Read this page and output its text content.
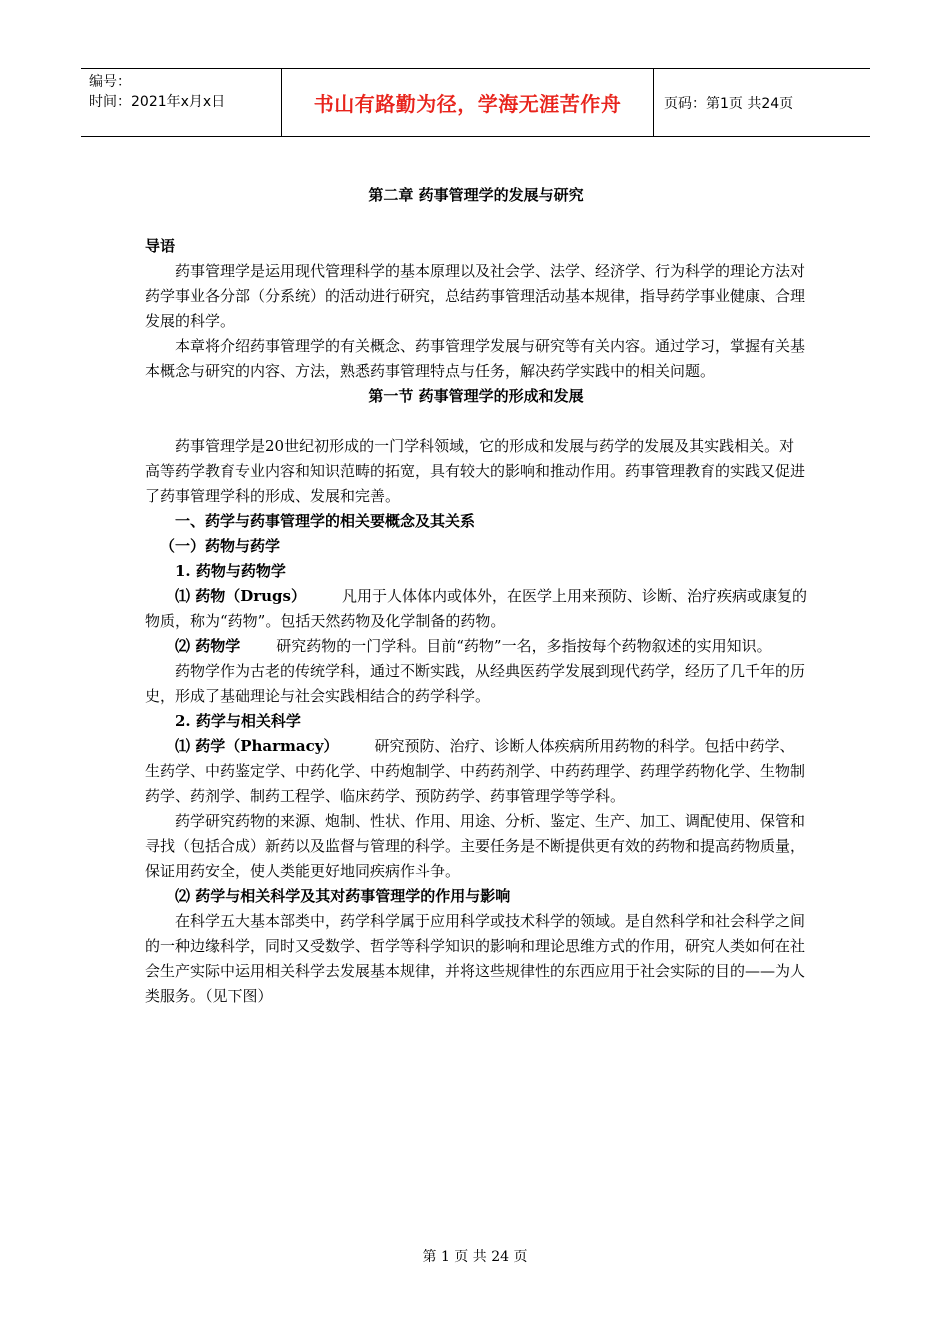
编号：
时间：2021年x月x日	书山有路勤为径，学海无涯苦作舟	页码：第1页 共24页

第二章 药事管理学的发展与研究

导语

药事管理学是运用现代管理科学的基本原理以及社会学、法学、经济学、行为科学的理论方法对药学事业各分部（分系统）的活动进行研究，总结药事管理活动基本规律，指导药学事业健康、合理发展的科学。

本章将介绍药事管理学的有关概念、药事管理学发展与研究等有关内容。通过学习，掌握有关基本概念与研究的内容、方法，熟悉药事管理特点与任务，解决药学实践中的相关问题。

第一节 药事管理学的形成和发展

药事管理学是20世纪初形成的一门学科领域，它的形成和发展与药学的发展及其实践相关。对高等药学教育专业内容和知识范畴的拓宽，具有较大的影响和推动作用。药事管理教育的实践又促进了药事管理学科的形成、发展和完善。

一、药学与药事管理学的相关要概念及其关系

（一）药物与药学

1. 药物与药物学

⑴ 药物（Drugs） 凡用于人体体内或体外，在医学上用来预防、诊断、治疗疾病或康复的物质，称为“药物”。包括天然药物及化学制备的药物。

⑵ 药物学 研究药物的一门学科。目前“药物”一名，多指按每个药物叙述的实用知识。

药物学作为古老的传统学科，通过不断实践，从经典医药学发展到现代药学，经历了几千年的历史，形成了基础理论与社会实践相结合的药学科学。

2. 药学与相关科学

⑴ 药学（Pharmacy） 研究预防、治疗、诊断人体疾病所用药物的科学。包括中药学、生药学、中药鉴定学、中药化学、中药炮制学、中药药剂学、中药药理学、药理学药物化学、生物制药学、药剂学、制药工程学、临床药学、预防药学、药事管理学等学科。

药学研究药物的来源、炮制、性状、作用、用途、分析、鉴定、生产、加工、调配使用、保管和寻找（包括合成）新药以及监督与管理的科学。主要任务是不断提供更有效的药物和提高药物质量，保证用药安全，使人类能更好地同疾病作斗争。

⑵ 药学与相关科学及其对药事管理学的作用与影响

在科学五大基本部类中，药学科学属于应用科学或技术科学的领域。是自然科学和社会科学之间的一种边缘科学，同时又受数学、哲学等科学知识的影响和理论思维方式的作用，研究人类如何在社会生产实际中运用相关科学去发展基本规律，并将这些规律性的东西应用于社会实际的目的——为人类服务。（见下图）

第 1 页 共 24 页
